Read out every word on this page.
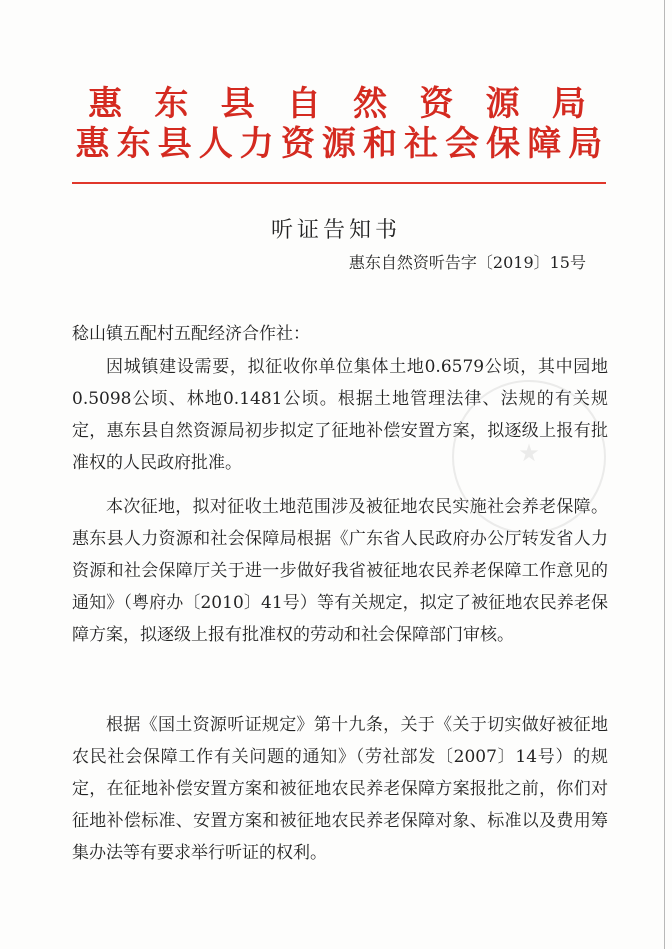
惠 东 县 自 然 资 源 局
惠 东 县 人 力 资 源 和 社 会 保 障 局
听证告知书
惠东自然资听告字〔2019〕15号
稔山镇五配村五配经济合作社：
因城镇建设需要，拟征收你单位集体土地0.6579公顷，其中园地0.5098公顷、林地0.1481公顷。根据土地管理法律、法规的有关规定，惠东县自然资源局初步拟定了征地补偿安置方案，拟逐级上报有批准权的人民政府批准。
本次征地，拟对征收土地范围涉及被征地农民实施社会养老保障。惠东县人力资源和社会保障局根据《广东省人民政府办公厅转发省人力资源和社会保障厅关于进一步做好我省被征地农民养老保障工作意见的通知》（粤府办〔2010〕41号）等有关规定，拟定了被征地农民养老保障方案，拟逐级上报有批准权的劳动和社会保障部门审核。
根据《国土资源听证规定》第十九条，关于《关于切实做好被征地农民社会保障工作有关问题的通知》（劳社部发〔2007〕14号）的规定，在征地补偿安置方案和被征地农民养老保障方案报批之前，你们对征地补偿标准、安置方案和被征地农民养老保障对象、标准以及费用筹集办法等有要求举行听证的权利。
★
